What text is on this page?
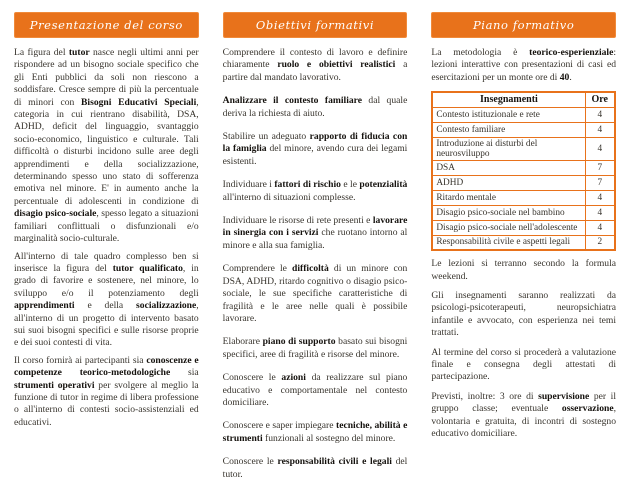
Presentazione del corso

La figura del tutor nasce negli ultimi anni per rispondere ad un bisogno sociale specifico che gli Enti pubblici da soli non riescono a soddisfare. Cresce sempre di più la percentuale di minori con Bisogni Educativi Speciali, categoria in cui rientrano disabilità, DSA, ADHD, deficit del linguaggio, svantaggio socio-economico, linguistico e culturale. Tali difficoltà o disturbi incidono sulle aree degli apprendimenti e della socializzazione, determinando spesso uno stato di sofferenza emotiva nel minore. E' in aumento anche la percentuale di adolescenti in condizione di disagio psico-sociale, spesso legato a situazioni familiari conflittuali o disfunzionali e/o marginalità socio-culturale.

All'interno di tale quadro complesso ben si inserisce la figura del tutor qualificato, in grado di favorire e sostenere, nel minore, lo sviluppo e/o il potenziamento degli apprendimenti e della socializzazione, all'interno di un progetto di intervento basato sui suoi bisogni specifici e sulle risorse proprie e dei suoi contesti di vita.

Il corso fornirà ai partecipanti sia conoscenze e competenze teorico-metodologiche sia strumenti operativi per svolgere al meglio la funzione di tutor in regime di libera professione o all'interno di contesti socio-assistenziali ed educativi.

Obiettivi formativi

Comprendere il contesto di lavoro e definire chiaramente ruolo e obiettivi realistici a partire dal mandato lavorativo.

Analizzare il contesto familiare dal quale deriva la richiesta di aiuto.

Stabilire un adeguato rapporto di fiducia con la famiglia del minore, avendo cura dei legami esistenti.

Individuare i fattori di rischio e le potenzialità all'interno di situazioni complesse.

Individuare le risorse di rete presenti e lavorare in sinergia con i servizi che ruotano intorno al minore e alla sua famiglia.

Comprendere le difficoltà di un minore con DSA, ADHD, ritardo cognitivo o disagio psico-sociale, le sue specifiche caratteristiche di fragilità e le aree nelle quali è possibile lavorare.

Elaborare piano di supporto basato sui bisogni specifici, aree di fragilità e risorse del minore.

Conoscere le azioni da realizzare sul piano educativo e comportamentale nel contesto domiciliare.

Conoscere e saper impiegare tecniche, abilità e strumenti funzionali al sostegno del minore.

Conoscere le responsabilità civili e legali del tutor.

Piano formativo

La metodologia è teorico-esperienziale: lezioni interattive con presentazioni di casi ed esercitazioni per un monte ore di 40.

Insegnamenti	Ore
Contesto istituzionale e rete	4
Contesto familiare	4
Introduzione ai disturbi del neurosviluppo	4
DSA	7
ADHD	7
Ritardo mentale	4
Disagio psico-sociale nel bambino	4
Disagio psico-sociale nell'adolescente	4
Responsabilità civile e aspetti legali	2

Le lezioni si terranno secondo la formula weekend.

Gli insegnamenti saranno realizzati da psicologi-psicoterapeuti, neuropsichiatra infantile e avvocato, con esperienza nei temi trattati.

Al termine del corso si procederà a valutazione finale e consegna degli attestati di partecipazione.

Previsti, inoltre: 3 ore di supervisione per il gruppo classe; eventuale osservazione, volontaria e gratuita, di incontri di sostegno educativo domiciliare.
